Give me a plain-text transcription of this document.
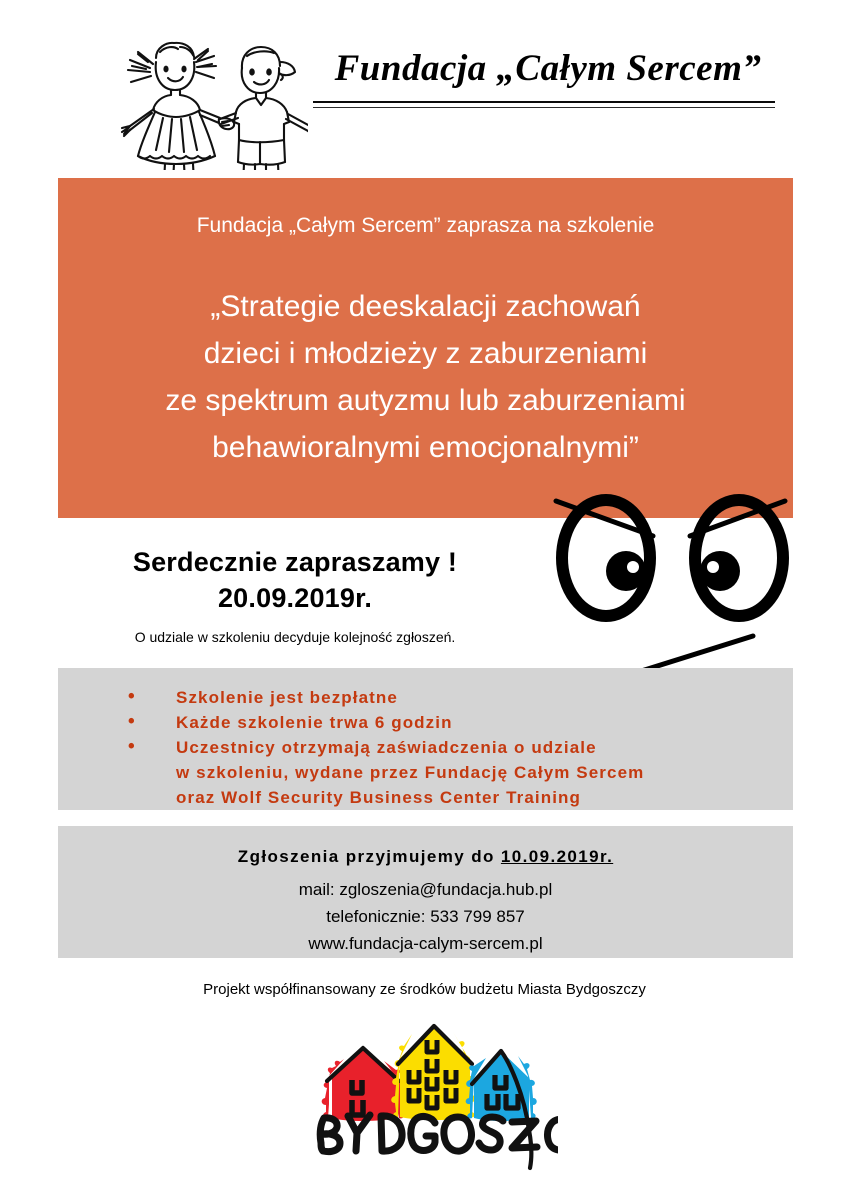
Fundacja „Całym Sercem”
Fundacja „Całym Sercem” zaprasza na szkolenie
„Strategie deeskalacji zachowań
dzieci i młodzieży z zaburzeniami
ze spektrum autyzmu lub zaburzeniami
behawioralnymi emocjonalnymi”
Serdecznie zapraszamy !
20.09.2019r.
O udziale w szkoleniu decyduje kolejność zgłoszeń.
• Szkolenie jest bezpłatne
• Każde szkolenie trwa 6 godzin
• Uczestnicy otrzymają zaświadczenia o udziale
w szkoleniu, wydane przez Fundację Całym Sercem
oraz Wolf Security Business Center Training
Zgłoszenia przyjmujemy do 10.09.2019r.
mail: zgloszenia@fundacja.hub.pl
telefonicznie: 533 799 857
www.fundacja-calym-sercem.pl
Projekt współfinansowany ze środków budżetu Miasta Bydgoszczy
